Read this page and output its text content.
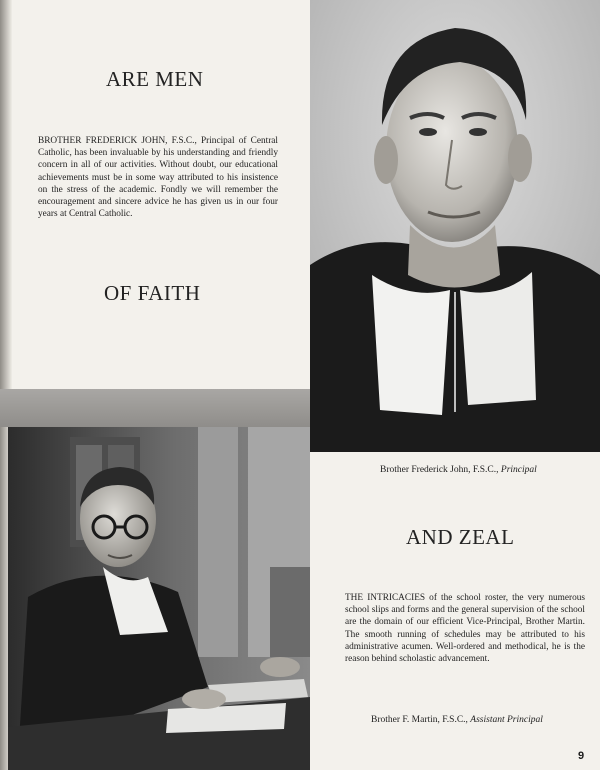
ARE MEN
BROTHER FREDERICK JOHN, F.S.C., Principal of Central Catholic, has been invaluable by his understanding and friendly concern in all of our activities. Without doubt, our educational achievements must be in some way attributed to his insistence on the stress of the academic. Fondly we will remember the encouragement and sincere advice he has given us in our four years at Central Catholic.
OF FAITH
Brother Frederick John, F.S.C., Principal
AND ZEAL
THE INTRICACIES of the school roster, the very numerous school slips and forms and the general supervision of the school are the domain of our efficient Vice-Principal, Brother Martin. The smooth running of schedules may be attributed to his administrative acumen. Well-ordered and methodical, he is the reason behind scholastic advancement.
Brother F. Martin, F.S.C., Assistant Principal
9
